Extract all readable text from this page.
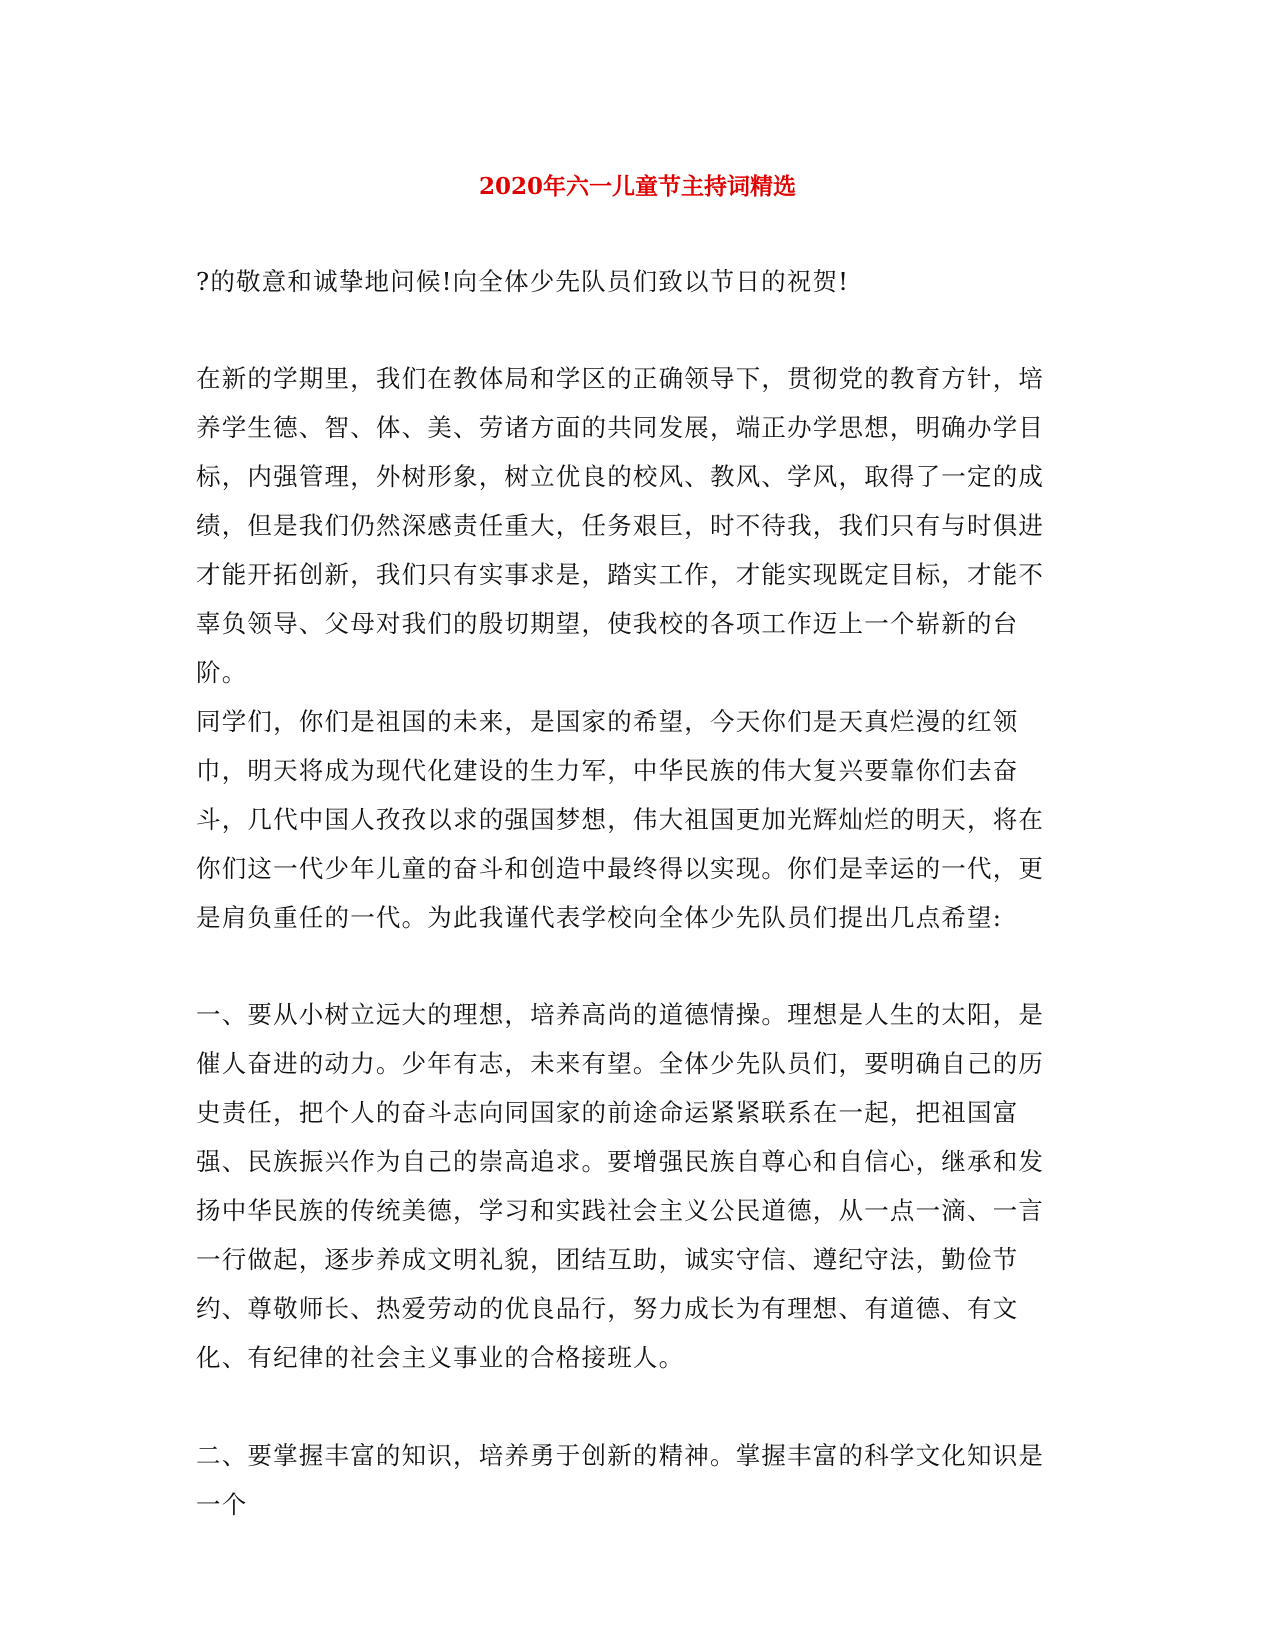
2020年六一儿童节主持词精选

?的敬意和诚挚地问候!向全体少先队员们致以节日的祝贺!

在新的学期里，我们在教体局和学区的正确领导下，贯彻党的教育方针，培养学生德、智、体、美、劳诸方面的共同发展，端正办学思想，明确办学目标，内强管理，外树形象，树立优良的校风、教风、学风，取得了一定的成绩，但是我们仍然深感责任重大，任务艰巨，时不待我，我们只有与时俱进才能开拓创新，我们只有实事求是，踏实工作，才能实现既定目标，才能不辜负领导、父母对我们的殷切期望，使我校的各项工作迈上一个崭新的台阶。

同学们，你们是祖国的未来，是国家的希望，今天你们是天真烂漫的红领巾，明天将成为现代化建设的生力军，中华民族的伟大复兴要靠你们去奋斗，几代中国人孜孜以求的强国梦想，伟大祖国更加光辉灿烂的明天，将在你们这一代少年儿童的奋斗和创造中最终得以实现。你们是幸运的一代，更是肩负重任的一代。为此我谨代表学校向全体少先队员们提出几点希望:

一、要从小树立远大的理想，培养高尚的道德情操。理想是人生的太阳，是催人奋进的动力。少年有志，未来有望。全体少先队员们，要明确自己的历史责任，把个人的奋斗志向同国家的前途命运紧紧联系在一起，把祖国富强、民族振兴作为自己的崇高追求。要增强民族自尊心和自信心，继承和发扬中华民族的传统美德，学习和实践社会主义公民道德，从一点一滴、一言一行做起，逐步养成文明礼貌，团结互助，诚实守信、遵纪守法，勤俭节约、尊敬师长、热爱劳动的优良品行，努力成长为有理想、有道德、有文化、有纪律的社会主义事业的合格接班人。

二、要掌握丰富的知识，培养勇于创新的精神。掌握丰富的科学文化知识是一个
